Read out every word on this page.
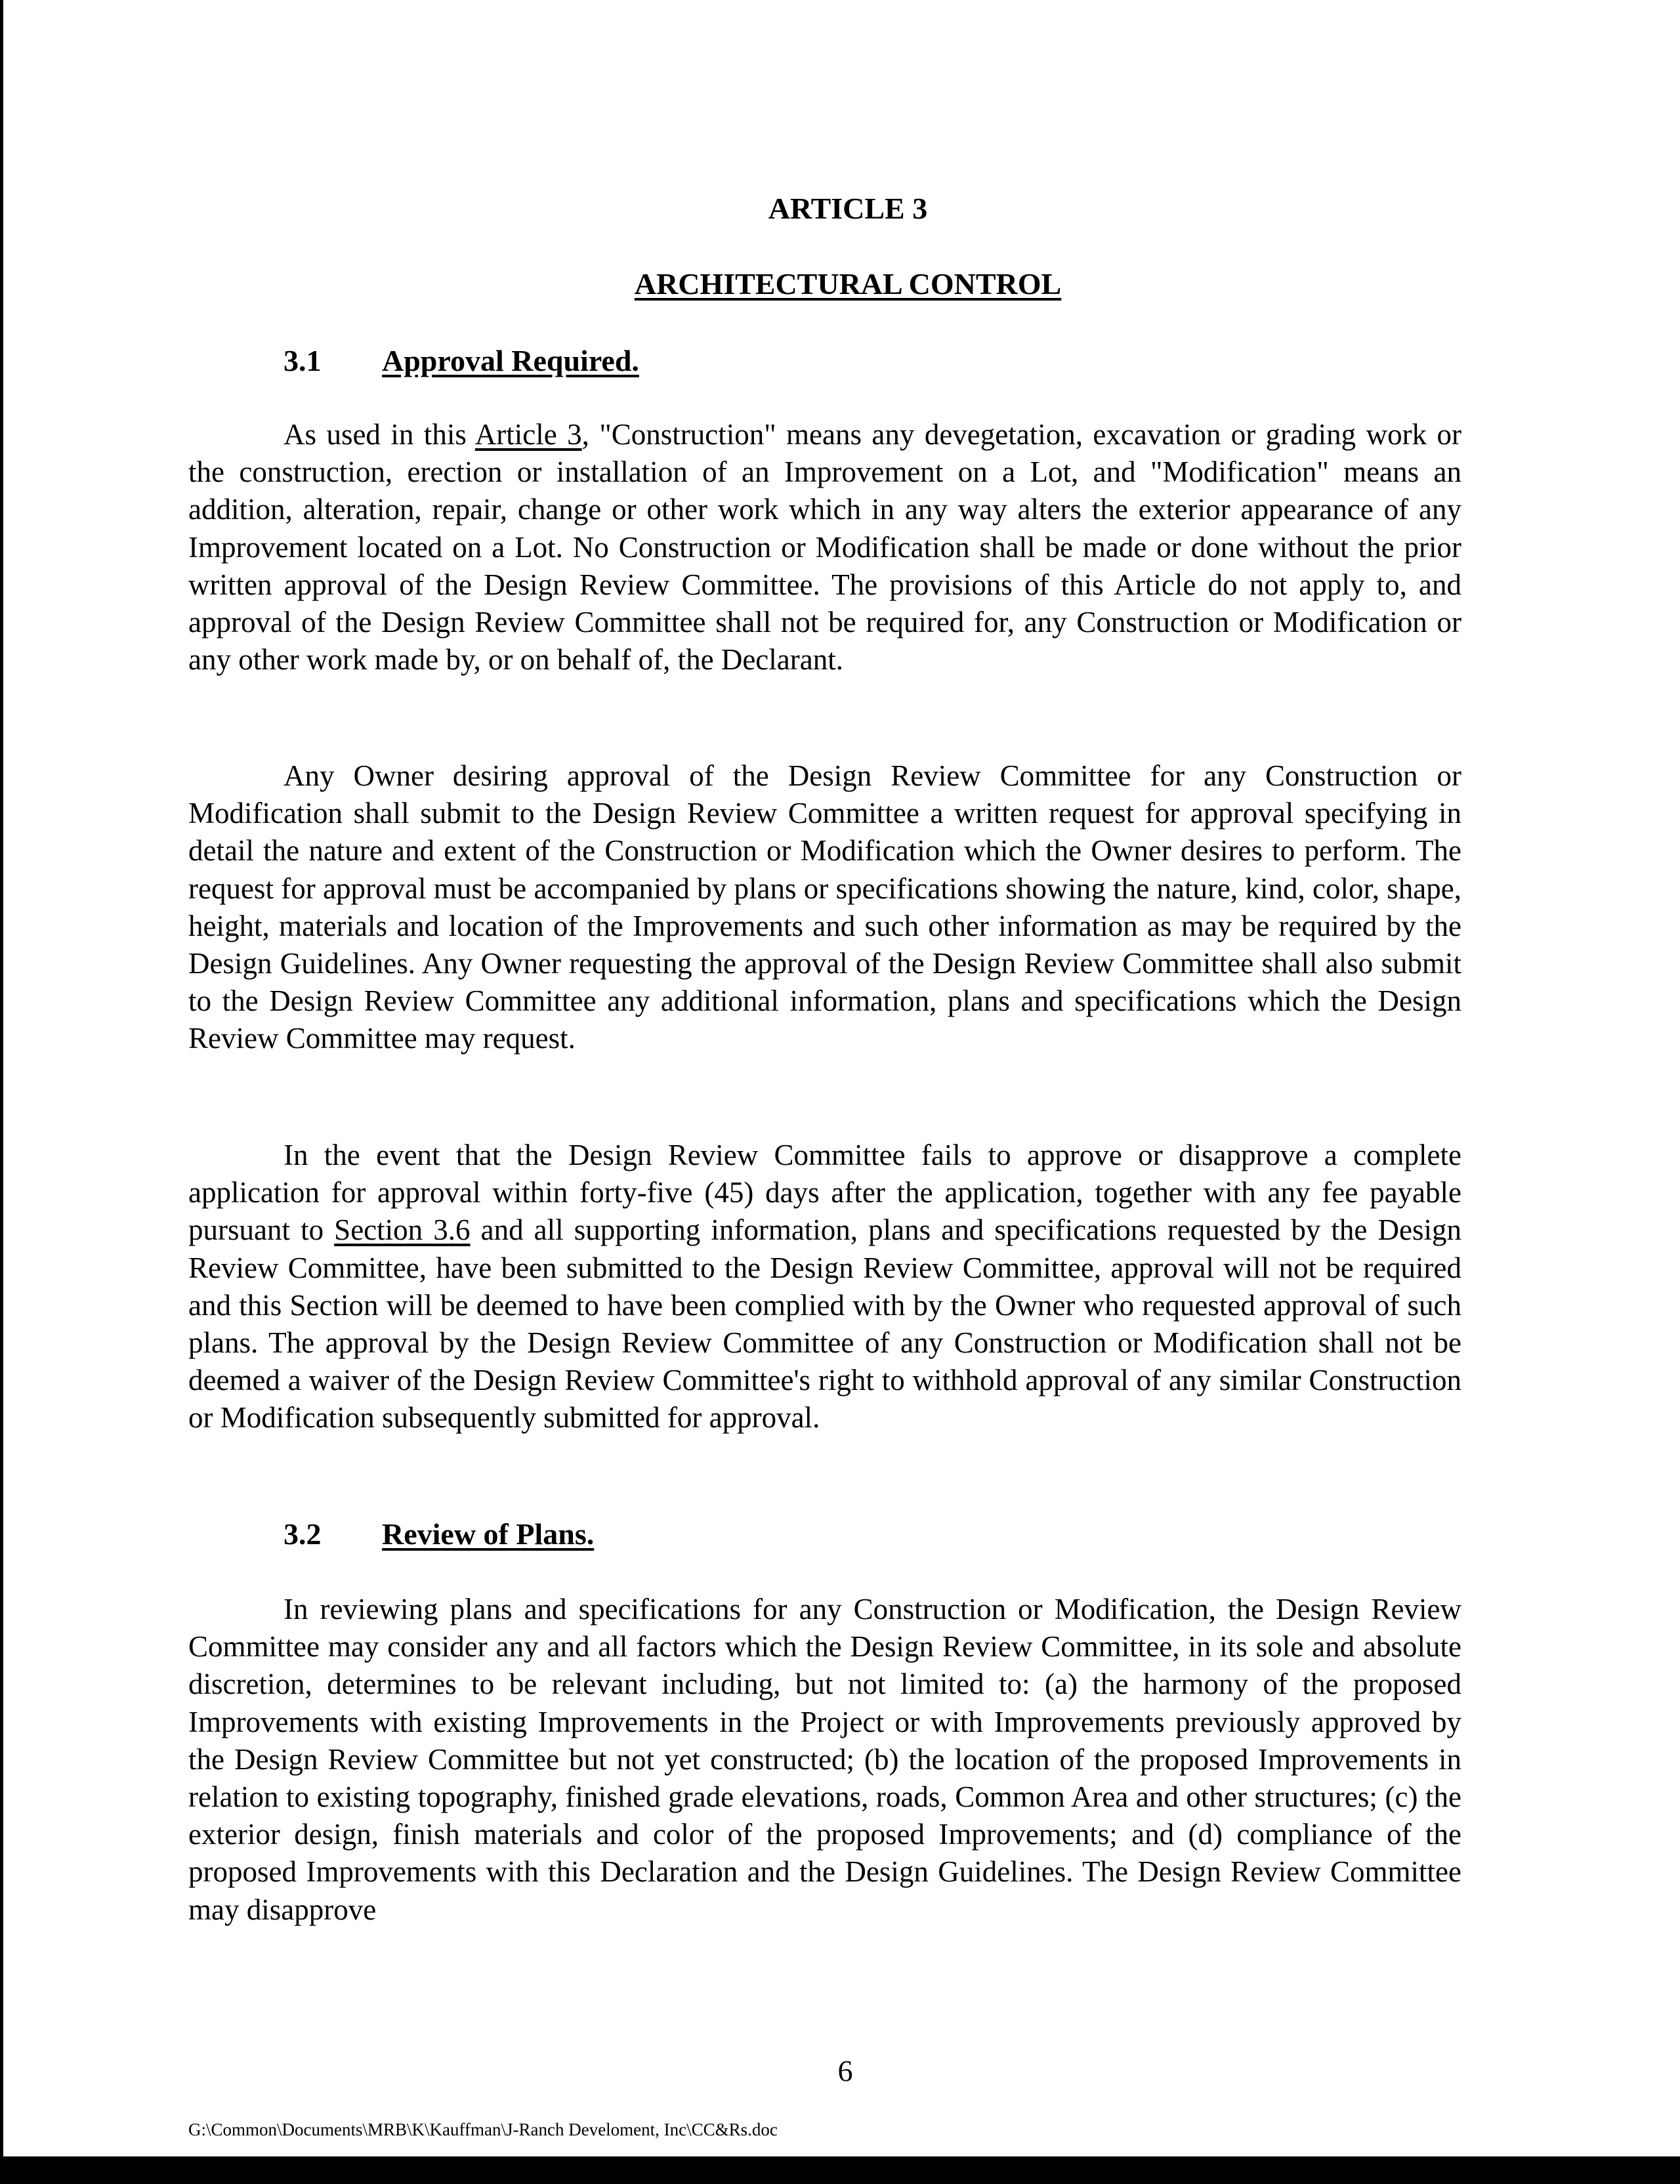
ARTICLE 3
ARCHITECTURAL CONTROL
3.1 Approval Required.

As used in this Article 3, "Construction" means any devegetation, excavation or grading work or the construction, erection or installation of an Improvement on a Lot, and "Modification" means an addition, alteration, repair, change or other work which in any way alters the exterior appearance of any Improvement located on a Lot. No Construction or Modification shall be made or done without the prior written approval of the Design Review Committee. The provisions of this Article do not apply to, and approval of the Design Review Committee shall not be required for, any Construction or Modification or any other work made by, or on behalf of, the Declarant.

Any Owner desiring approval of the Design Review Committee for any Construction or Modification shall submit to the Design Review Committee a written request for approval specifying in detail the nature and extent of the Construction or Modification which the Owner desires to perform. The request for approval must be accompanied by plans or specifications showing the nature, kind, color, shape, height, materials and location of the Improvements and such other information as may be required by the Design Guidelines. Any Owner requesting the approval of the Design Review Committee shall also submit to the Design Review Committee any additional information, plans and specifications which the Design Review Committee may request.

In the event that the Design Review Committee fails to approve or disapprove a complete application for approval within forty-five (45) days after the application, together with any fee payable pursuant to Section 3.6 and all supporting information, plans and specifications requested by the Design Review Committee, have been submitted to the Design Review Committee, approval will not be required and this Section will be deemed to have been complied with by the Owner who requested approval of such plans. The approval by the Design Review Committee of any Construction or Modification shall not be deemed a waiver of the Design Review Committee's right to withhold approval of any similar Construction or Modification subsequently submitted for approval.

3.2 Review of Plans.

In reviewing plans and specifications for any Construction or Modification, the Design Review Committee may consider any and all factors which the Design Review Committee, in its sole and absolute discretion, determines to be relevant including, but not limited to: (a) the harmony of the proposed Improvements with existing Improvements in the Project or with Improvements previously approved by the Design Review Committee but not yet constructed; (b) the location of the proposed Improvements in relation to existing topography, finished grade elevations, roads, Common Area and other structures; (c) the exterior design, finish materials and color of the proposed Improvements; and (d) compliance of the proposed Improvements with this Declaration and the Design Guidelines. The Design Review Committee may disapprove

6
G:\Common\Documents\MRB\K\Kauffman\J-Ranch Develoment, Inc\CC&Rs.doc
